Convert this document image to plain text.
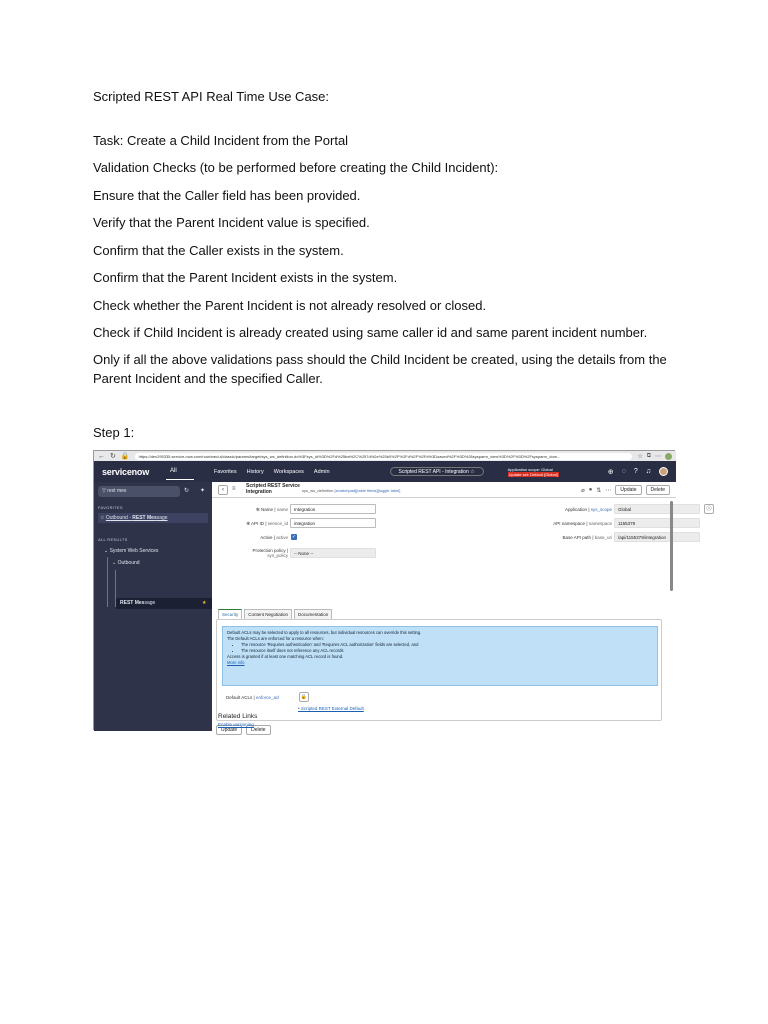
Scripted REST API Real Time Use Case:
Task: Create a Child Incident from the Portal
Validation Checks (to be performed before creating the Child Incident):
Ensure that the Caller field has been provided.
Verify that the Parent Incident value is specified.
Confirm that the Caller exists in the system.
Confirm that the Parent Incident exists in the system.
Check whether the Parent Incident is not already resolved or closed.
Check if Child Incident is already created using same caller id and same parent incident number.
Only if all the above validations pass should the Child Incident be created, using the details from the Parent Incident and the specified Caller.
Step 1:
← ↻ 🔒	https://dev295335.service-now.com/now/nav/ui/classic/params/target/sys_ws_definition.do%3Fsys_id%3D%2Fd%25ba%2C%257d%2e%25b0%2F%2Fd%2F%2Fd%3Dsaved%2F%3D%26sysparm_view%3D%2F%3D%2Fsysparm_dom...	☆ ⧉ ⋯
servicenow	All	Favorites History Workspaces Admin	Scripted REST API - Integration ☆	Application scope: Global
Update set: Default [Global]	⊕ ◌ ? ♫
▽ rest mes	↻ ✦
FAVORITES
☆ Outbound - REST Message
ALL RESULTS
⌄ System Web Services
⌄ Outbound
REST Message	★
‹	≡ Scripted REST Service Integration	sys_ws_definition [scratchpad][table fields][toggle label]	⌀ ● ⇅ ⋯	Update	Delete
✻ Name | name	Integration
✻ API ID | service_id	integration
Active | active ✓
Protection policy |
sys_policy	-- None --
Application | sys_scope	Global	ⓘ
API namespace | namespace	1155379
Base API path | base_uri	/api/1155379/integration
Security	Content Negotiation	Documentation
Default ACLs may be selected to apply to all resources, but individual resources can override this setting.
The Default ACLs are enforced for a resource when:
• The resource 'Requires authentication' and 'Requires ACL authorization' fields are selected, and
• The resource itself does not reference any ACL records
Access is granted if at least one matching ACL record is found.
More info
Default ACLs | enforce_acl	🔒
• Scripted REST External Default
Update	Delete
Related Links
Enable versioning
